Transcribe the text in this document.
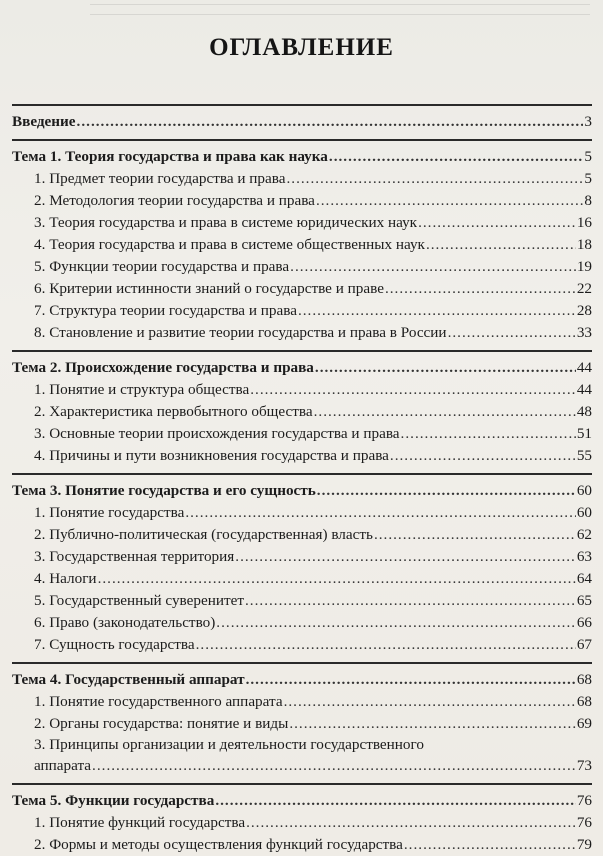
ОГЛАВЛЕНИЕ
Введение .....	3
Тема 1. Теория государства и права как наука .....	5
1. Предмет теории государства и права .....	5
2. Методология теории государства и права .....	8
3. Теория государства и права в системе юридических наук .....	16
4. Теория государства и права в системе общественных наук .....	18
5. Функции теории государства и права .....	19
6. Критерии истинности знаний о государстве и праве .....	22
7. Структура теории государства и права .....	28
8. Становление и развитие теории государства и права в России .....	33
Тема 2. Происхождение государства и права .....	44
1. Понятие и структура общества .....	44
2. Характеристика первобытного общества .....	48
3. Основные теории происхождения государства и права .....	51
4. Причины и пути возникновения государства и права .....	55
Тема 3. Понятие государства и его сущность .....	60
1. Понятие государства .....	60
2. Публично-политическая (государственная) власть .....	62
3. Государственная территория .....	63
4. Налоги .....	64
5. Государственный суверенитет .....	65
6. Право (законодательство) .....	66
7. Сущность государства .....	67
Тема 4. Государственный аппарат .....	68
1. Понятие государственного аппарата .....	68
2. Органы государства: понятие и виды .....	69
3. Принципы организации и деятельности государственного
аппарата .....	73
Тема 5. Функции государства .....	76
1. Понятие функций государства .....	76
2. Формы и методы осуществления функций государства .....	79
